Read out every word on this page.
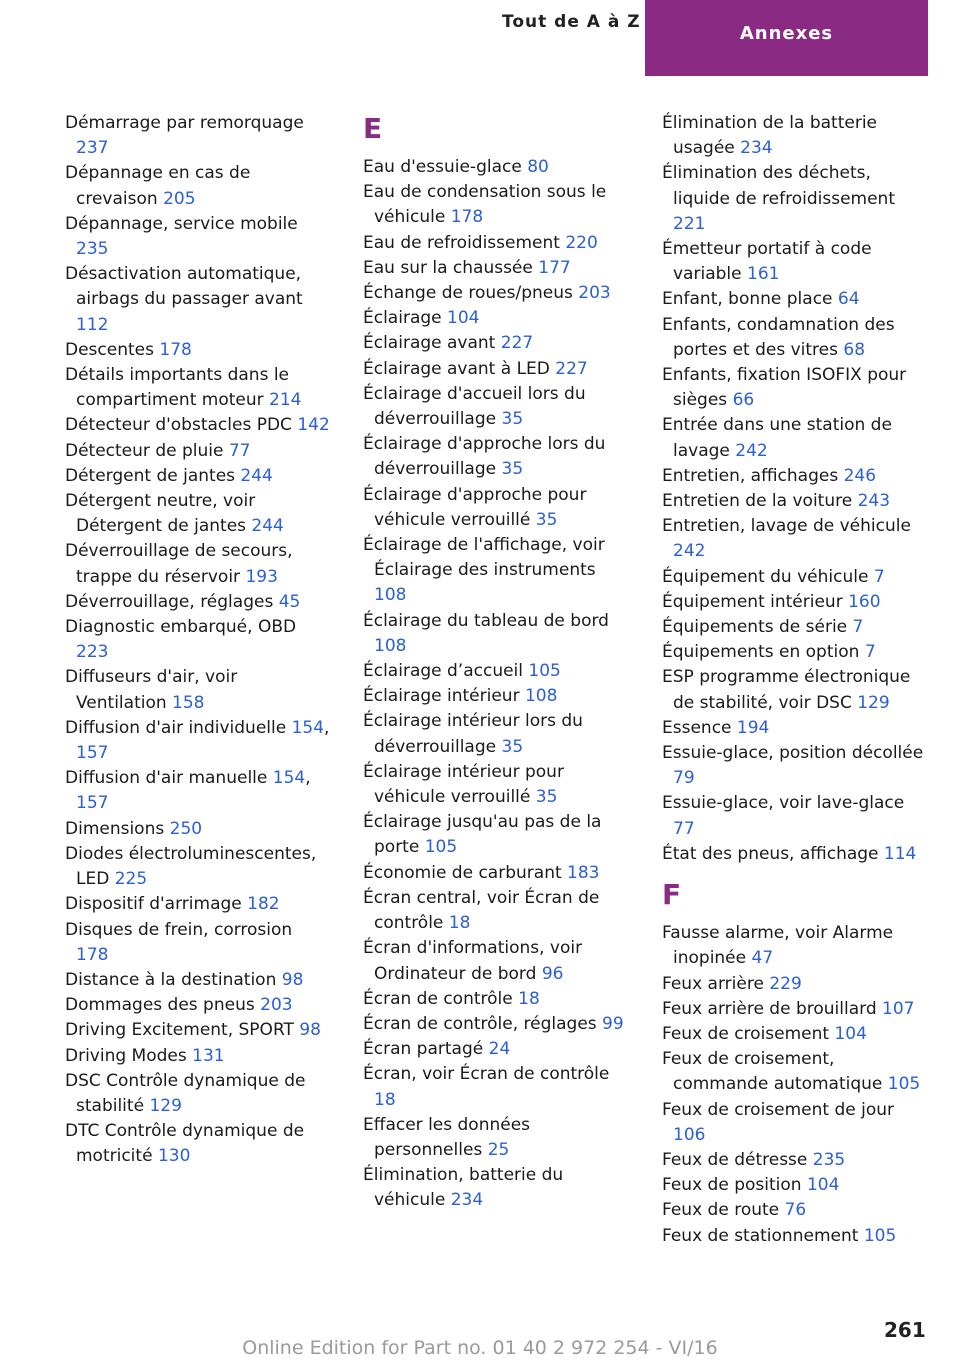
Tout de A à Z
Annexes
Démarrage par remorquage 237
Dépannage en cas de crevaison 205
Dépannage, service mobile 235
Désactivation automatique, airbags du passager avant 112
Descentes 178
Détails importants dans le compartiment moteur 214
Détecteur d'obstacles PDC 142
Détecteur de pluie 77
Détergent de jantes 244
Détergent neutre, voir Détergent de jantes 244
Déverrouillage de secours, trappe du réservoir 193
Déverrouillage, réglages 45
Diagnostic embarqué, OBD 223
Diffuseurs d'air, voir Ventilation 158
Diffusion d'air individuelle 154, 157
Diffusion d'air manuelle 154, 157
Dimensions 250
Diodes électroluminescentes, LED 225
Dispositif d'arrimage 182
Disques de frein, corrosion 178
Distance à la destination 98
Dommages des pneus 203
Driving Excitement, SPORT 98
Driving Modes 131
DSC Contrôle dynamique de stabilité 129
DTC Contrôle dynamique de motricité 130
E
Eau d'essuie-glace 80
Eau de condensation sous le véhicule 178
Eau de refroidissement 220
Eau sur la chaussée 177
Échange de roues/pneus 203
Éclairage 104
Éclairage avant 227
Éclairage avant à LED 227
Éclairage d'accueil lors du déverrouillage 35
Éclairage d'approche lors du déverrouillage 35
Éclairage d'approche pour véhicule verrouillé 35
Éclairage de l'affichage, voir Éclairage des instruments 108
Éclairage du tableau de bord 108
Éclairage d’accueil 105
Éclairage intérieur 108
Éclairage intérieur lors du déverrouillage 35
Éclairage intérieur pour véhicule verrouillé 35
Éclairage jusqu'au pas de la porte 105
Économie de carburant 183
Écran central, voir Écran de contrôle 18
Écran d'informations, voir Ordinateur de bord 96
Écran de contrôle 18
Écran de contrôle, réglages 99
Écran partagé 24
Écran, voir Écran de contrôle 18
Effacer les données personnelles 25
Élimination, batterie du véhicule 234
Élimination de la batterie usagée 234
Élimination des déchets, liquide de refroidissement 221
Émetteur portatif à code variable 161
Enfant, bonne place 64
Enfants, condamnation des portes et des vitres 68
Enfants, fixation ISOFIX pour sièges 66
Entrée dans une station de lavage 242
Entretien, affichages 246
Entretien de la voiture 243
Entretien, lavage de véhicule 242
Équipement du véhicule 7
Équipement intérieur 160
Équipements de série 7
Équipements en option 7
ESP programme électronique de stabilité, voir DSC 129
Essence 194
Essuie-glace, position décollée 79
Essuie-glace, voir lave-glace 77
État des pneus, affichage 114
F
Fausse alarme, voir Alarme inopinée 47
Feux arrière 229
Feux arrière de brouillard 107
Feux de croisement 104
Feux de croisement, commande automatique 105
Feux de croisement de jour 106
Feux de détresse 235
Feux de position 104
Feux de route 76
Feux de stationnement 105
261
Online Edition for Part no. 01 40 2 972 254 - VI/16
